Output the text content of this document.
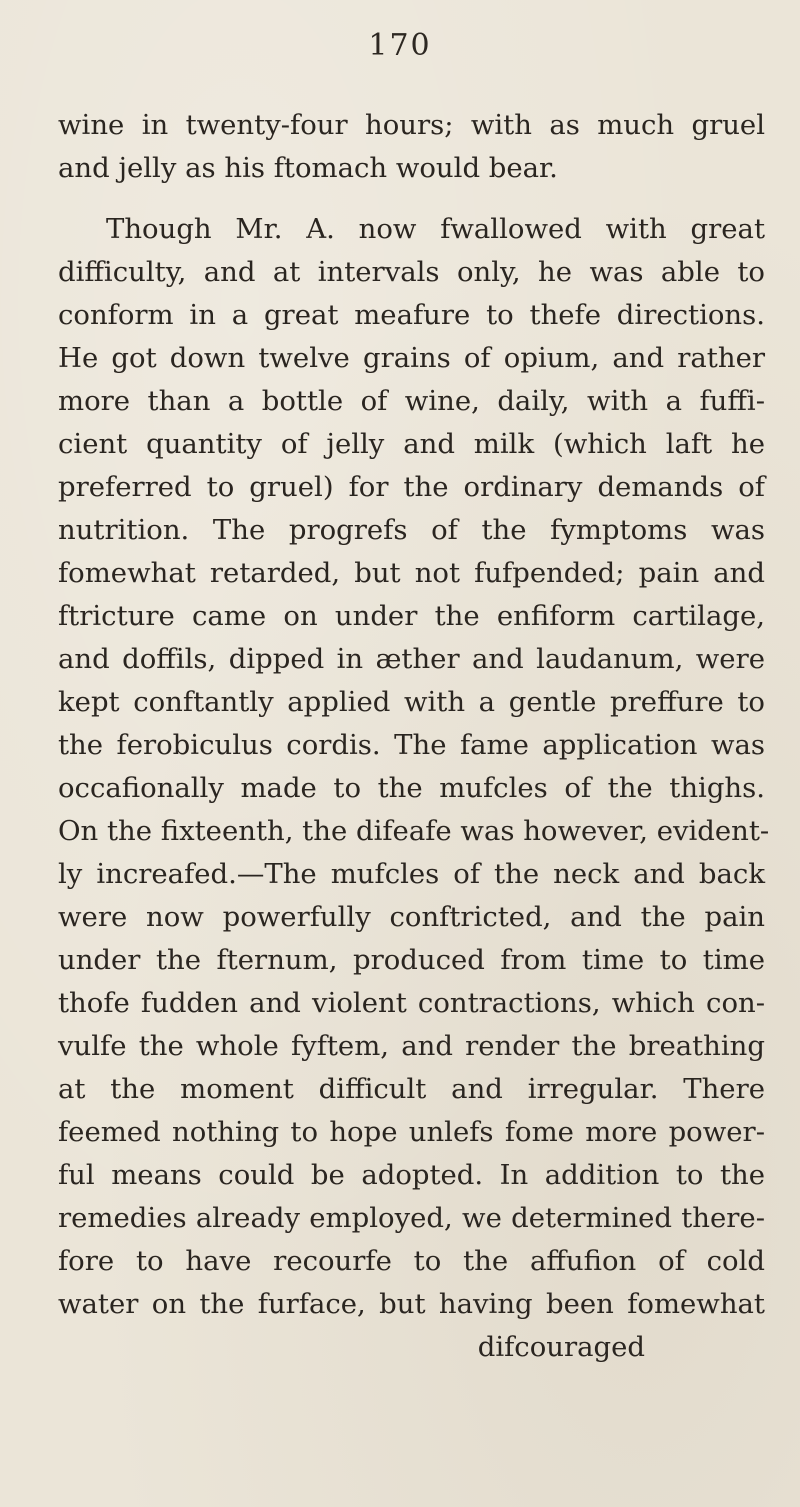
170
wine in twenty-four hours; with as much gruel
and jelly as his ftomach would bear.
Though Mr. A. now fwallowed with great
difficulty, and at intervals only, he was able to
conform in a great meafure to thefe directions.
He got down twelve grains of opium, and rather
more than a bottle of wine, daily, with a fuffi-
cient quantity of jelly and milk (which laft he
preferred to gruel) for the ordinary demands of
nutrition. The progrefs of the fymptoms was
fomewhat retarded, but not fufpended; pain and
ftricture came on under the enfiform cartilage,
and doffils, dipped in æther and laudanum, were
kept conftantly applied with a gentle preffure to
the ferobiculus cordis. The fame application was
occafionally made to the mufcles of the thighs.
On the fixteenth, the difeafe was however, evident-
ly increafed.—The mufcles of the neck and back
were now powerfully conftricted, and the pain
under the fternum, produced from time to time
thofe fudden and violent contractions, which con-
vulfe the whole fyftem, and render the breathing
at the moment difficult and irregular. There
feemed nothing to hope unlefs fome more power-
ful means could be adopted. In addition to the
remedies already employed, we determined there-
fore to have recourfe to the affufion of cold
water on the furface, but having been fomewhat
difcouraged
